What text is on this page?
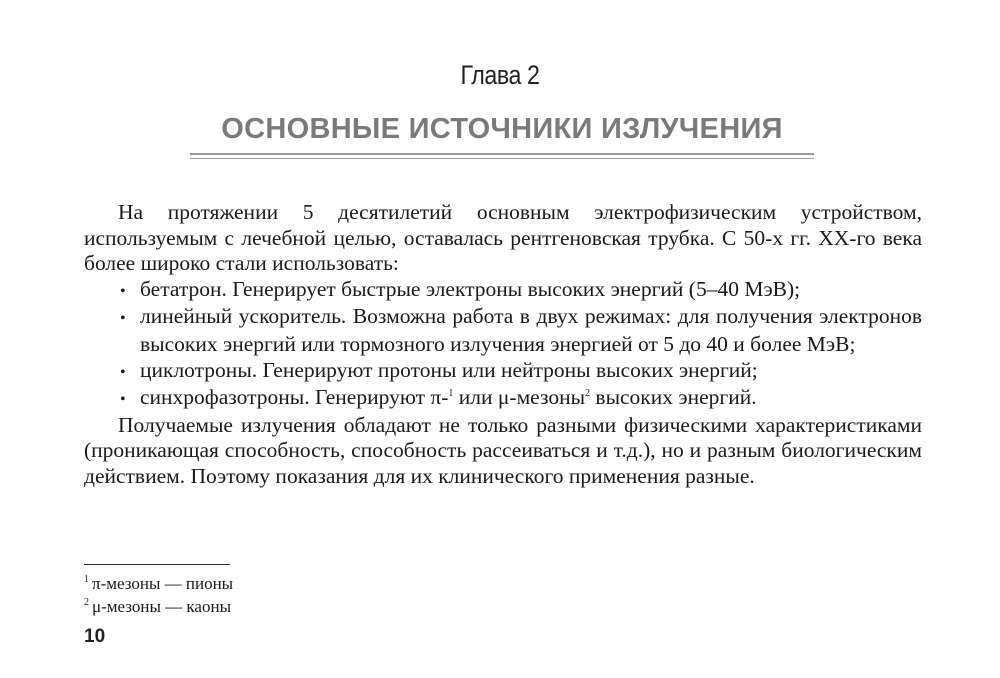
Глава 2
ОСНОВНЫЕ ИСТОЧНИКИ ИЗЛУЧЕНИЯ

На протяжении 5 десятилетий основным электрофизическим устройством, используемым с лечебной целью, оставалась рентгеновская трубка. С 50-х гг. ХХ-го века более широко стали использовать:

• бетатрон. Генерирует быстрые электроны высоких энергий (5–40 МэВ);
• линейный ускоритель. Возможна работа в двух режимах: для получения электронов высоких энергий или тормозного излучения энергией от 5 до 40 и более МэВ;
• циклотроны. Генерируют протоны или нейтроны высоких энергий;
• синхрофазотроны. Генерируют π-$^1$ или μ-мезоны$^2$ высоких энергий.

Получаемые излучения обладают не только разными физическими характеристиками (проникающая способность, способность рассеиваться и т.д.), но и разным биологическим действием. Поэтому показания для их клинического применения разные.

$^1$ π-мезоны — пионы
$^2$ μ-мезоны — каоны
10
